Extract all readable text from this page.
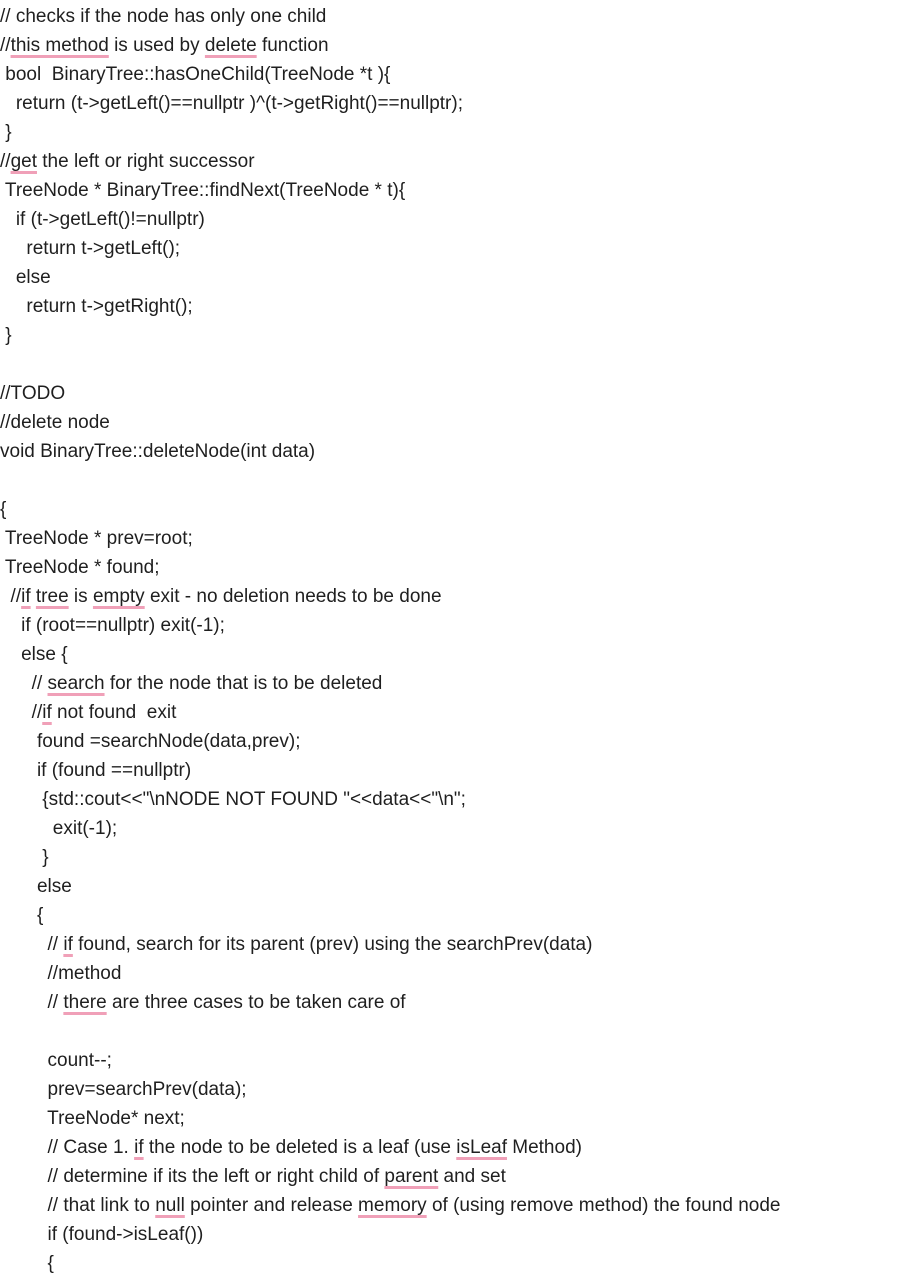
// checks if the node has only one child
//this method is used by delete function
bool  BinaryTree::hasOneChild(TreeNode *t ){
return (t->getLeft()==nullptr )^(t->getRight()==nullptr);
}
//get the left or right successor
TreeNode * BinaryTree::findNext(TreeNode * t){
if (t->getLeft()!=nullptr)
return t->getLeft();
else
return t->getRight();
}
//TODO
//delete node
void BinaryTree::deleteNode(int data)
{
TreeNode * prev=root;
TreeNode * found;
//if tree is empty exit - no deletion needs to be done
if (root==nullptr) exit(-1);
else {
// search for the node that is to be deleted
//if not found  exit
found =searchNode(data,prev);
if (found ==nullptr)
{std::cout<<"\nNODE NOT FOUND "<<data<<"\n";
exit(-1);
}
else
{
// if found, search for its parent (prev) using the searchPrev(data)
//method
// there are three cases to be taken care of
count--;
prev=searchPrev(data);
TreeNode* next;
// Case 1. if the node to be deleted is a leaf (use isLeaf Method)
// determine if its the left or right child of parent and set
// that link to null pointer and release memory of (using remove method) the found node
if (found->isLeaf())
{
